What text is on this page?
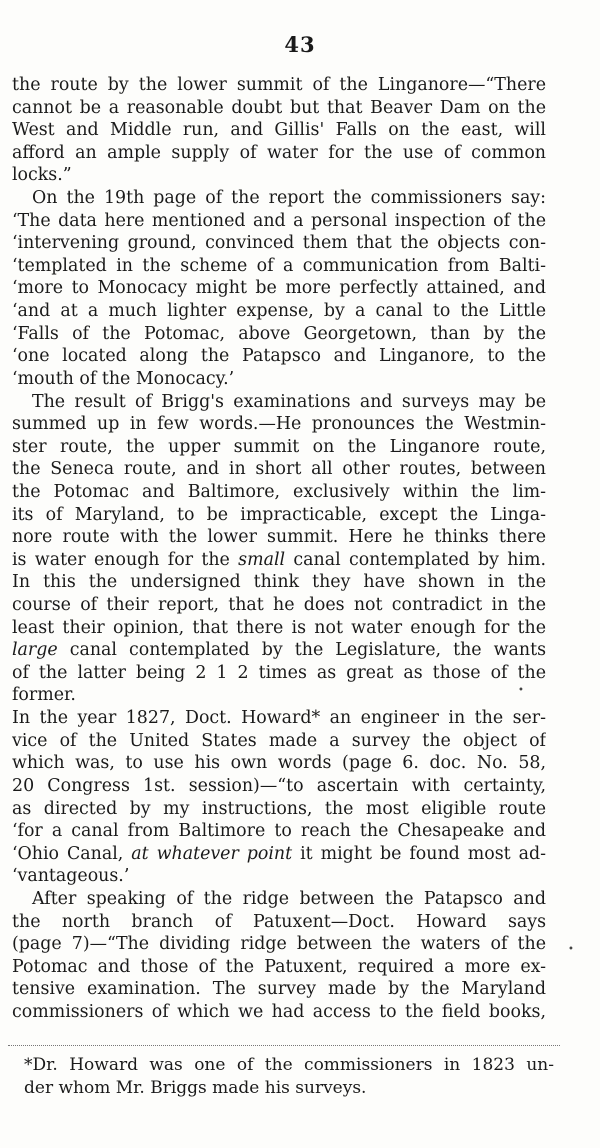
43
the route by the lower summit of the Linganore—“There
cannot be a reasonable doubt but that Beaver Dam on the
West and Middle run, and Gillis' Falls on the east, will
afford an ample supply of water for the use of common
locks.”
On the 19th page of the report the commissioners say:
‘The data here mentioned and a personal inspection of the
‘intervening ground, convinced them that the objects con-
‘templated in the scheme of a communication from Balti-
‘more to Monocacy might be more perfectly attained, and
‘and at a much lighter expense, by a canal to the Little
‘Falls of the Potomac, above Georgetown, than by the
‘one located along the Patapsco and Linganore, to the
‘mouth of the Monocacy.’
The result of Brigg's examinations and surveys may be
summed up in few words.—He pronounces the Westmin-
ster route, the upper summit on the Linganore route,
the Seneca route, and in short all other routes, between
the Potomac and Baltimore, exclusively within the lim-
its of Maryland, to be impracticable, except the Linga-
nore route with the lower summit. Here he thinks there
is water enough for the small canal contemplated by him.
In this the undersigned think they have shown in the
course of their report, that he does not contradict in the
least their opinion, that there is not water enough for the
large canal contemplated by the Legislature, the wants
of the latter being 2 1 2 times as great as those of the
former.
In the year 1827, Doct. Howard* an engineer in the ser-
vice of the United States made a survey the object of
which was, to use his own words (page 6. doc. No. 58,
20 Congress 1st. session)—“to ascertain with certainty,
as directed by my instructions, the most eligible route
‘for a canal from Baltimore to reach the Chesapeake and
‘Ohio Canal, at whatever point it might be found most ad-
‘vantageous.’
After speaking of the ridge between the Patapsco and
the north branch of Patuxent—Doct. Howard says
(page 7)—“The dividing ridge between the waters of the
Potomac and those of the Patuxent, required a more ex-
tensive examination. The survey made by the Maryland
commissioners of which we had access to the field books,
*Dr. Howard was one of the commissioners in 1823 un-
der whom Mr. Briggs made his surveys.
•
•
